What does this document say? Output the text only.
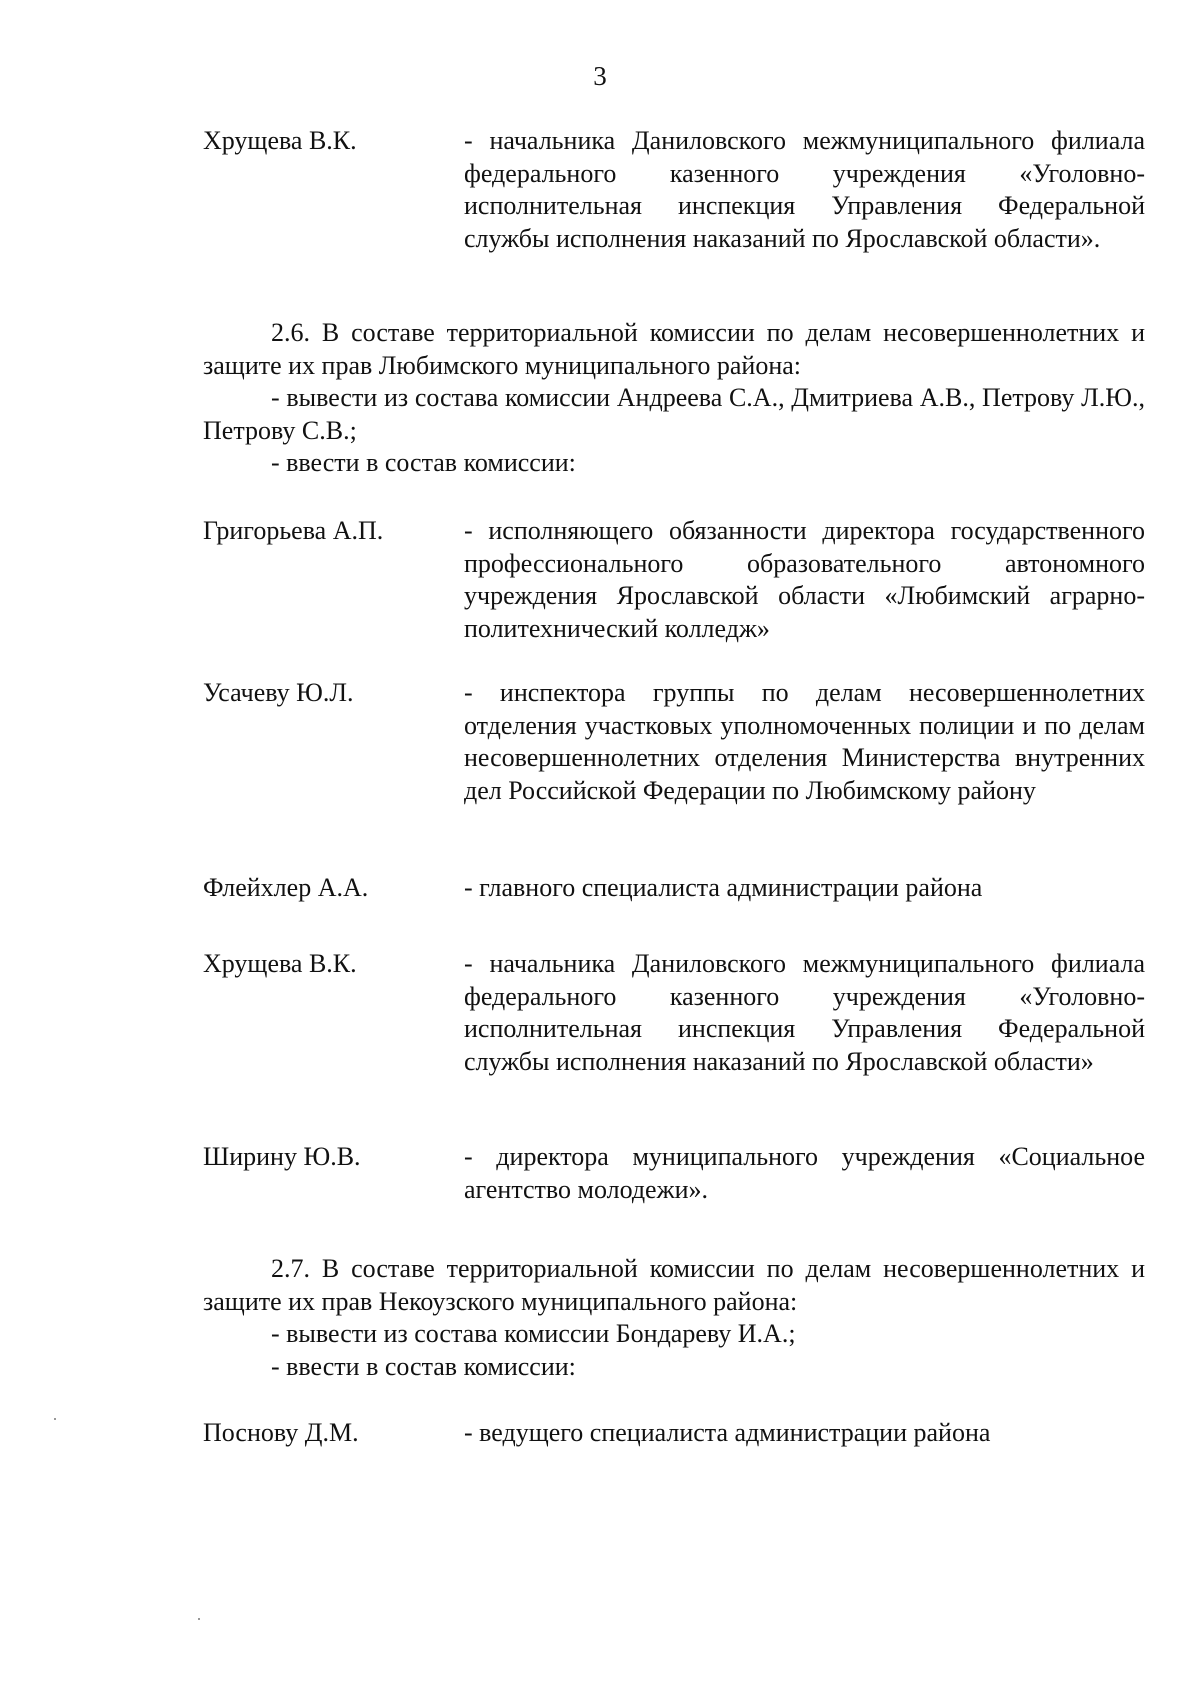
3
Хрущева В.К.	- начальника Даниловского межмуниципального филиала федерального казенного учреждения «Уголовно-исполнительная инспекция Управления Федеральной службы исполнения наказаний по Ярославской области».
2.6. В составе территориальной комиссии по делам несовершеннолетних и защите их прав Любимского муниципального района:
- вывести из состава комиссии Андреева С.А., Дмитриева А.В., Петрову Л.Ю., Петрову С.В.;
- ввести в состав комиссии:
Григорьева А.П.	- исполняющего обязанности директора государственного профессионального образовательного автономного учреждения Ярославской области «Любимский аграрно-политехнический колледж»
Усачеву Ю.Л.	- инспектора группы по делам несовершеннолетних отделения участковых уполномоченных полиции и по делам несовершеннолетних отделения Министерства внутренних дел Российской Федерации по Любимскому району
Флейхлер А.А.	- главного специалиста администрации района
Хрущева В.К.	- начальника Даниловского межмуниципального филиала федерального казенного учреждения «Уголовно-исполнительная инспекция Управления Федеральной службы исполнения наказаний по Ярославской области»
Ширину Ю.В.	- директора муниципального учреждения «Социальное агентство молодежи».
2.7. В составе территориальной комиссии по делам несовершеннолетних и защите их прав Некоузского муниципального района:
- вывести из состава комиссии Бондареву И.А.;
- ввести в состав комиссии:
Поснову Д.М.	- ведущего специалиста администрации района
